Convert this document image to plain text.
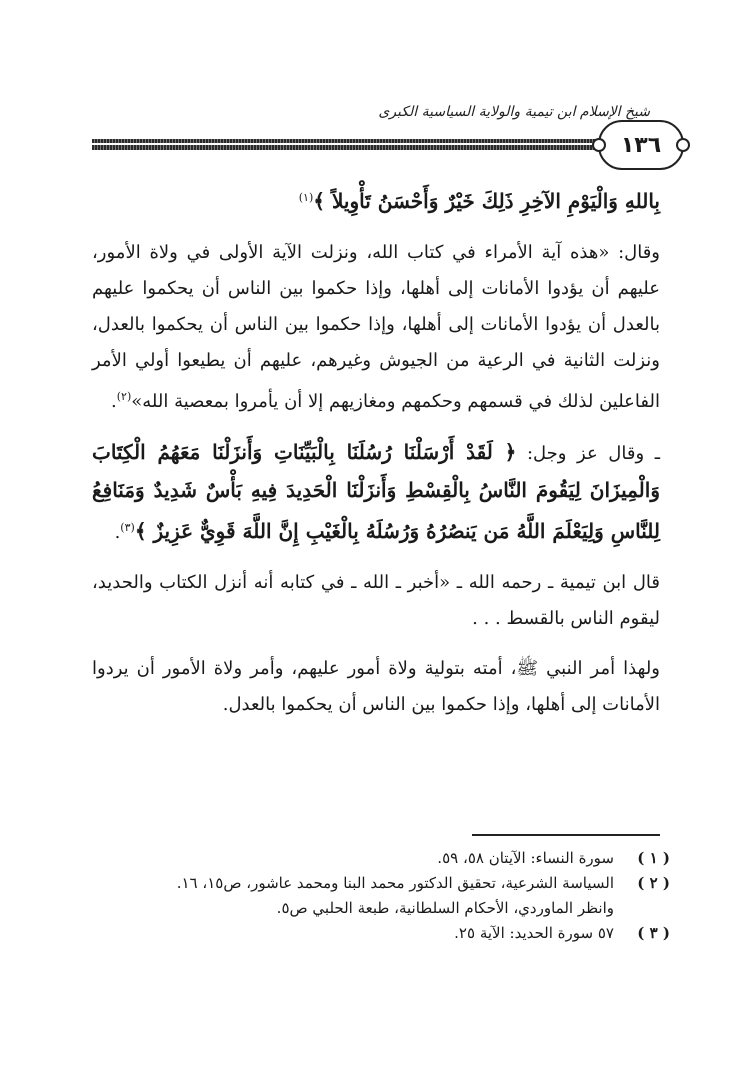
شيخ الإسلام ابن تيمية والولاية السياسية الكبرى
١٣٦

بِاللهِ وَالْيَوْمِ الآخِرِ ذَلِكَ خَيْرٌ وَأَحْسَنُ تَأْوِيلاً ﴾$^{(١)}$

وقال: «هذه آية الأمراء في كتاب الله، ونزلت الآية الأولى في ولاة الأمور، عليهم أن يؤدوا الأمانات إلى أهلها، وإذا حكموا بين الناس أن يحكموا عليهم بالعدل أن يؤدوا الأمانات إلى أهلها، وإذا حكموا بين الناس أن يحكموا بالعدل، ونزلت الثانية في الرعية من الجيوش وغيرهم، عليهم أن يطيعوا أولي الأمر الفاعلين لذلك في قسمهم وحكمهم ومغازيهم إلا أن يأمروا بمعصية الله»$^{(٢)}$.

ـ وقال عز وجل: ﴿ لَقَدْ أَرْسَلْنَا رُسُلَنَا بِالْبَيِّنَاتِ وَأَنزَلْنَا مَعَهُمُ الْكِتَابَ وَالْمِيزَانَ لِيَقُومَ النَّاسُ بِالْقِسْطِ وَأَنزَلْنَا الْحَدِيدَ فِيهِ بَأْسٌ شَدِيدٌ وَمَنَافِعُ لِلنَّاسِ وَلِيَعْلَمَ اللَّهُ مَن يَنصُرُهُ وَرُسُلَهُ بِالْغَيْبِ إِنَّ اللَّهَ قَوِيٌّ عَزِيزٌ ﴾$^{(٣)}$.

قال ابن تيمية ـ رحمه الله ـ «أخبر ـ الله ـ في كتابه أنه أنزل الكتاب والحديد، ليقوم الناس بالقسط . . .

ولهذا أمر النبي ﷺ، أمته بتولية ولاة أمور عليهم، وأمر ولاة الأمور أن يردوا الأمانات إلى أهلها، وإذا حكموا بين الناس أن يحكموا بالعدل.

( ١ )
سورة النساء: الآيتان ٥٨، ٥٩.
( ٢ )
السياسة الشرعية، تحقيق الدكتور محمد البنا ومحمد عاشور، ص١٥، ١٦.
وانظر الماوردي، الأحكام السلطانية، طبعة الحلبي ص٥.
( ٣ )
٥٧ سورة الحديد: الآية ٢٥.
